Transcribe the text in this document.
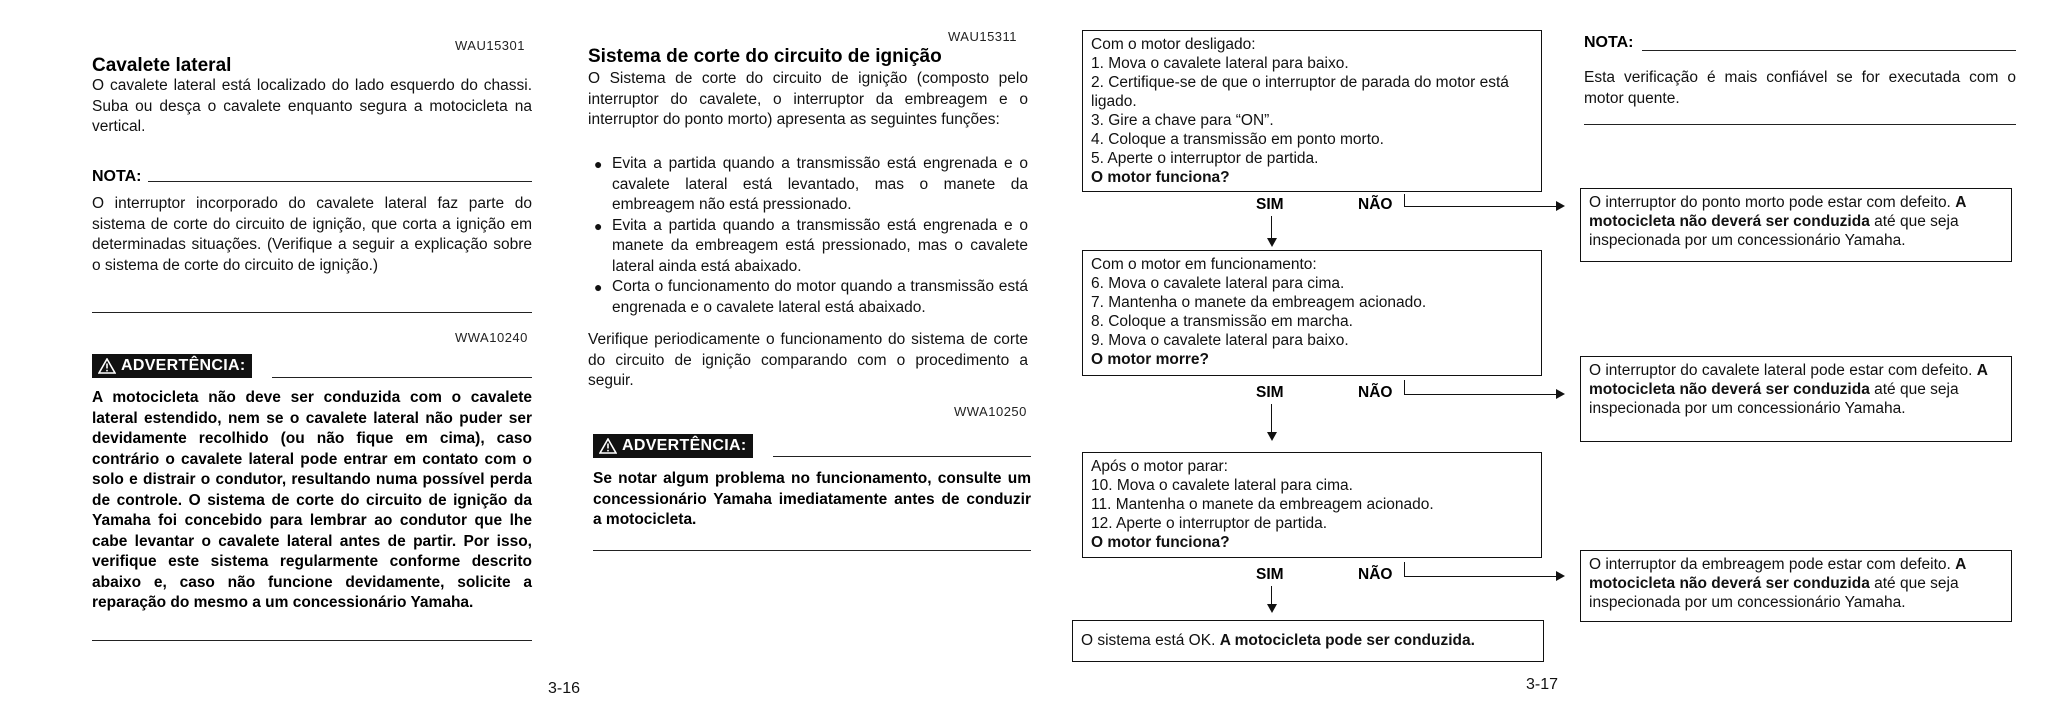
WAU15301
Cavalete lateral
O cavalete lateral está localizado do lado esquerdo do chassi. Suba ou desça o cavalete enquanto segura a motocicleta na vertical.
NOTA:
O interruptor incorporado do cavalete lateral faz parte do sistema de corte do circuito de ignição, que corta a ignição em determinadas situações. (Verifique a seguir a explicação sobre o sistema de corte do circuito de ignição.)
WWA10240
ADVERTÊNCIA:
A motocicleta não deve ser conduzida com o cavalete lateral estendido, nem se o cavalete lateral não puder ser devidamente recolhido (ou não fique em cima), caso contrário o cavalete lateral pode entrar em contato com o solo e distrair o condutor, resultando numa possível perda de controle. O sistema de corte do circuito de ignição da Yamaha foi concebido para lembrar ao condutor que lhe cabe levantar o cavalete lateral antes de partir. Por isso, verifique este sistema regularmente conforme descrito abaixo e, caso não funcione devidamente, solicite a reparação do mesmo a um concessionário Yamaha.
3-16
WAU15311
Sistema de corte do circuito de ignição
O Sistema de corte do circuito de ignição (composto pelo interruptor do cavalete, o interruptor da embreagem e o interruptor do ponto morto) apresenta as seguintes funções:
● Evita a partida quando a transmissão está engrenada e o cavalete lateral está levantado, mas o manete da embreagem não está pressionado.
● Evita a partida quando a transmissão está engrenada e o manete da embreagem está pressionado, mas o cavalete lateral ainda está abaixado.
● Corta o funcionamento do motor quando a transmissão está engrenada e o cavalete lateral está abaixado.
Verifique periodicamente o funcionamento do sistema de corte do circuito de ignição comparando com o procedimento a seguir.
WWA10250
ADVERTÊNCIA:
Se notar algum problema no funcionamento, consulte um concessionário Yamaha imediatamente antes de conduzir a motocicleta.
Com o motor desligado:
1. Mova o cavalete lateral para baixo.
2. Certifique-se de que o interruptor de parada do motor está ligado.
3. Gire a chave para “ON”.
4. Coloque a transmissão em ponto morto.
5. Aperte o interruptor de partida.
O motor funciona?
SIM	NÃO	O interruptor do ponto morto pode estar com defeito. A motocicleta não deverá ser conduzida até que seja inspecionada por um concessionário Yamaha.
Com o motor em funcionamento:
6. Mova o cavalete lateral para cima.
7. Mantenha o manete da embreagem acionado.
8. Coloque a transmissão em marcha.
9. Mova o cavalete lateral para baixo.
O motor morre?
SIM	NÃO
O interruptor do cavalete lateral pode estar com defeito. A motocicleta não deverá ser conduzida até que seja inspecionada por um concessionário Yamaha.
Após o motor parar:
10. Mova o cavalete lateral para cima.
11. Mantenha o manete da embreagem acionado.
12. Aperte o interruptor de partida.
O motor funciona?
SIM	NÃO
O interruptor da embreagem pode estar com defeito. A motocicleta não deverá ser conduzida até que seja inspecionada por um concessionário Yamaha.
O sistema está OK. A motocicleta pode ser conduzida.
NOTA:
Esta verificação é mais confiável se for executada com o motor quente.
3-17
